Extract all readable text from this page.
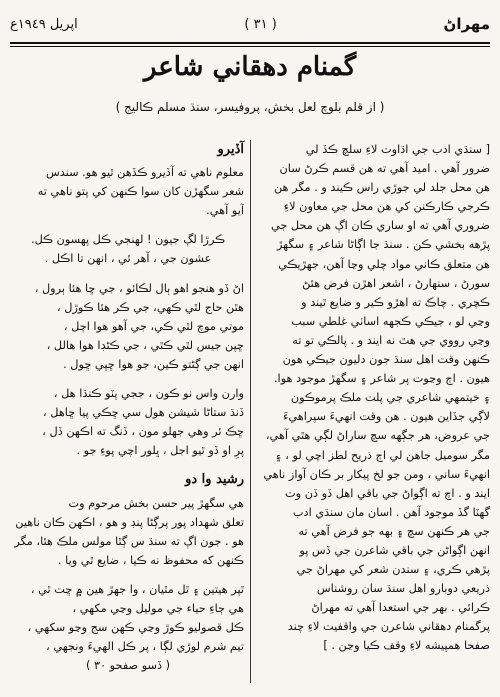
اپريل ١٩٤٩ع	( ٣١ )	مهراڻ
گمنام دهقاني شاعر
( از قلم بلوچ لعل بخش، پروفيسر، سنڌ مسلم ڪاليج )

[ سنڌي ادب جي اڌاوت لاءِ سلچ ڪڏ لي
ضرور آهي . اميد آهي ته هن قسم ڪرڻ سان
هن محل جلد لي جوڙي راس ڪيند و . مگر هن
ڪرجي ڪارڪنن کي هن محل جي معاون لاءِ
ضروري آهي ته او ساري ڪان اڳ هن محل جي
پڙهه بخشي ڪن . سنڌ جا اڳاڻا شاعر ۽ سگهڙ
هن متعلق ڪاني مواد چلي وڃا آهن، جهڙيڪي
سورڻ ، سنهارڻ ، اشعر اهڙن فرض هئڻ
ڪچري . چاڪ ته اهڙو ڪير و ضايع ٿيند و
وڃي لو ، جيڪي ڪجهه اساٺي غلطي سبب
وڃي رووي جي هٿ نه ايند و . پالڪي تو ته
ڪنهن وقت اهل سنڌ جون دليون جيڪي هون
هيون . اڄ وڃوت پر شاعر ۽ سگهڙ موجود هوا.
۽ خيتمهي شاعري جي پلت ملڪ پرموڪون
لاڳي جڏاين هيون . هن وقت انهيءَ سپراهيءَ
جي عروض، هر جڳهه سچ ساراڻ لڳي هٿي آهي،
مگر سوميل جاهن لي اڄ ذريح لطز اچي لو ، ۽
انهيءَ ساني ، ومن جو لخ پيکار بر ڪان آواز ناهي
ايند و . اچ ته اڳواڻ جي باقي اهل ڏو ڏن وت
گهٽا گڏ موجود آهن . اسان مان سنڌي ادب
جي هر ڪنهن سچ ۽ بهه جو فرض آهي ته
انهن اڳواڻن جي باقي شاعرن جي ڏس پو
پڙهي ڪري، ۽ سندن شعر کي مهراڻ جي
ذريعي دوبارو اهل سنڌ سان روشناس
ڪرائي . بهر جي استعدا آهي ته مهراڻ
پرگمنام دهقاني شاعرن جي واقفيت لاءِ چند
صفحا همپيشه لاءِ وقف ڪيا وڃن . ]

آڏيرو

معلوم ناهي ته آڏيرو ڪڏهن ٿيو هو. سندس
شعر سگهڙن کان سوا ڪنهن کي پتو ناهي ته
آيو آهي.

ڪرڙا لڳ جيون ! لهنجي ڪل پهسون ڪل.
عشون جي ، آهر ئي ، انهن تا اڪل .

اڻ ڏو هنجو اهو ٻال لڪائو ، جي ڇا هئا ٻرول ،
هٿن حاج لٿي ڪهي، جي ڪر هئا ڪوڙل ،
موتي موچ لٿي ڪي، جي آهو هوا اڄل ،
ڇپن جيس لٿي ڪٿي ، جي ڪڻڊا هوا هالل ،
انهن جي ڳڻتو ڪين، جو هوا ڇپي ڇول .

وارن واس نو ڪون ، ججي پٽو ڪنڌا هل ،
ڏنڌ ستاڻا شيشن هول سي ڇڪي پيا ڇاهل ،
ڇڪ ئر وهي جهلو مون ، ڏنگ ته اڪهن ڏل ،
پرِ او ڏو ٿيو اجل ، ڀلور اچي پوءِ جو .

رشيد وا دو

هي سگهڙ پير حسن بخش مرحوم وت
تعلق شهداد پور پرڳڻا پنڊ و هو ، اڪهن ڪان ناهين
هو . جون اڳ ته سنڌ س ڳٿا مولس ملڪ هئا، مگر
ڪنهن که محفوظ نه ڪيا ، ضايع ٿي ويا .

ٿپر هيتين ۽ ٿل مٿيان ، وا جهڙ هين ۾ ڇت ٿي ،
هي ڄاءِ حياء جي موليل وڃي مکهي ،
ڪل قصوليو ڪوڙ وڃي ڪهن سج وڃو سکهي ،
تيم شرم لوڙي لڳا ، پر ڪل الهيءَ ونجهي ،

( ڏسو صفحو ٣٠ )
